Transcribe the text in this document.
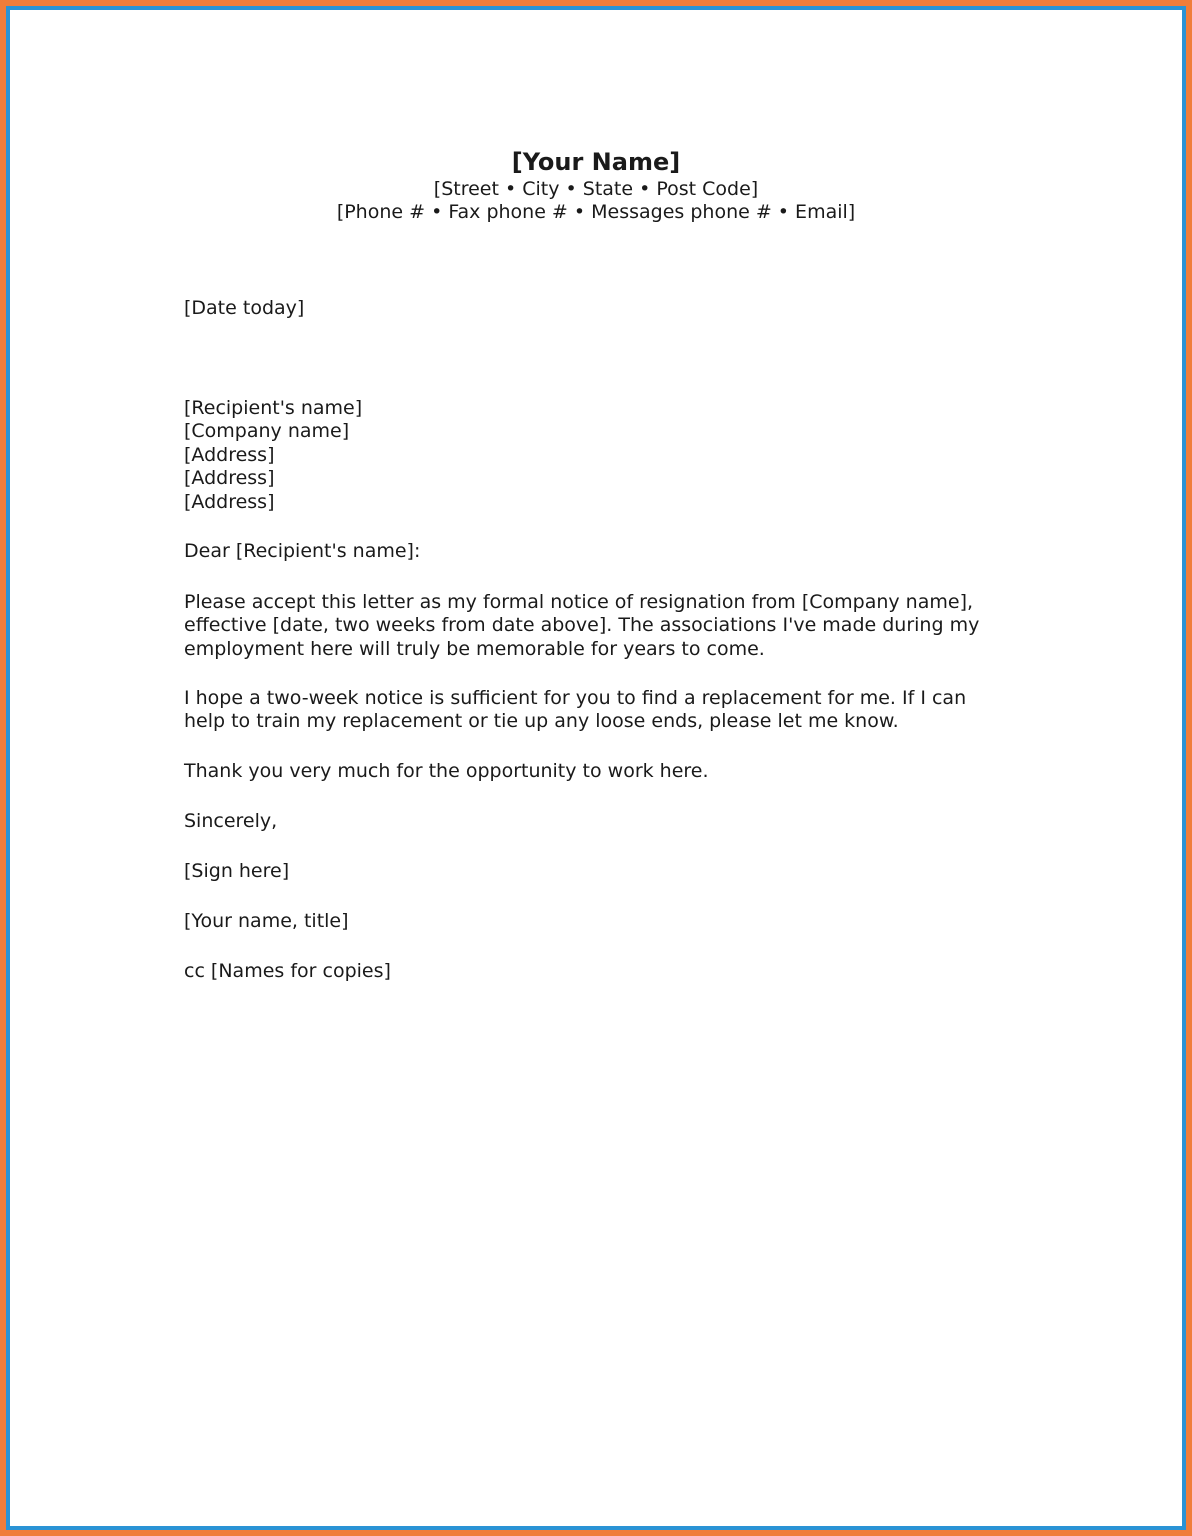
[Your Name]
[Street • City • State • Post Code]
[Phone # • Fax phone # • Messages phone # • Email]
[Date today]
[Recipient's name]
[Company name]
[Address]
[Address]
[Address]
Dear [Recipient's name]:
Please accept this letter as my formal notice of resignation from [Company name],
effective [date, two weeks from date above]. The associations I've made during my
employment here will truly be memorable for years to come.
I hope a two-week notice is sufficient for you to find a replacement for me. If I can
help to train my replacement or tie up any loose ends, please let me know.
Thank you very much for the opportunity to work here.
Sincerely,
[Sign here]
[Your name, title]
cc [Names for copies]
